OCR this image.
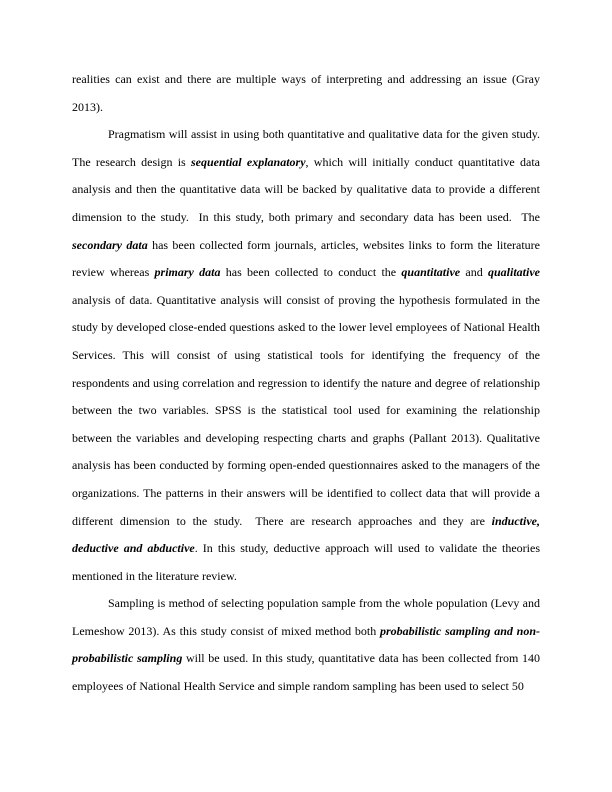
realities can exist and there are multiple ways of interpreting and addressing an issue (Gray 2013).

Pragmatism will assist in using both quantitative and qualitative data for the given study. The research design is sequential explanatory, which will initially conduct quantitative data analysis and then the quantitative data will be backed by qualitative data to provide a different dimension to the study.  In this study, both primary and secondary data has been used.  The secondary data has been collected form journals, articles, websites links to form the literature review whereas primary data has been collected to conduct the quantitative and qualitative analysis of data. Quantitative analysis will consist of proving the hypothesis formulated in the study by developed close-ended questions asked to the lower level employees of National Health Services. This will consist of using statistical tools for identifying the frequency of the respondents and using correlation and regression to identify the nature and degree of relationship between the two variables. SPSS is the statistical tool used for examining the relationship between the variables and developing respecting charts and graphs (Pallant 2013). Qualitative analysis has been conducted by forming open-ended questionnaires asked to the managers of the organizations. The patterns in their answers will be identified to collect data that will provide a different dimension to the study.  There are research approaches and they are inductive, deductive and abductive. In this study, deductive approach will used to validate the theories mentioned in the literature review.

Sampling is method of selecting population sample from the whole population (Levy and Lemeshow 2013). As this study consist of mixed method both probabilistic sampling and non-probabilistic sampling will be used. In this study, quantitative data has been collected from 140 employees of National Health Service and simple random sampling has been used to select 50
